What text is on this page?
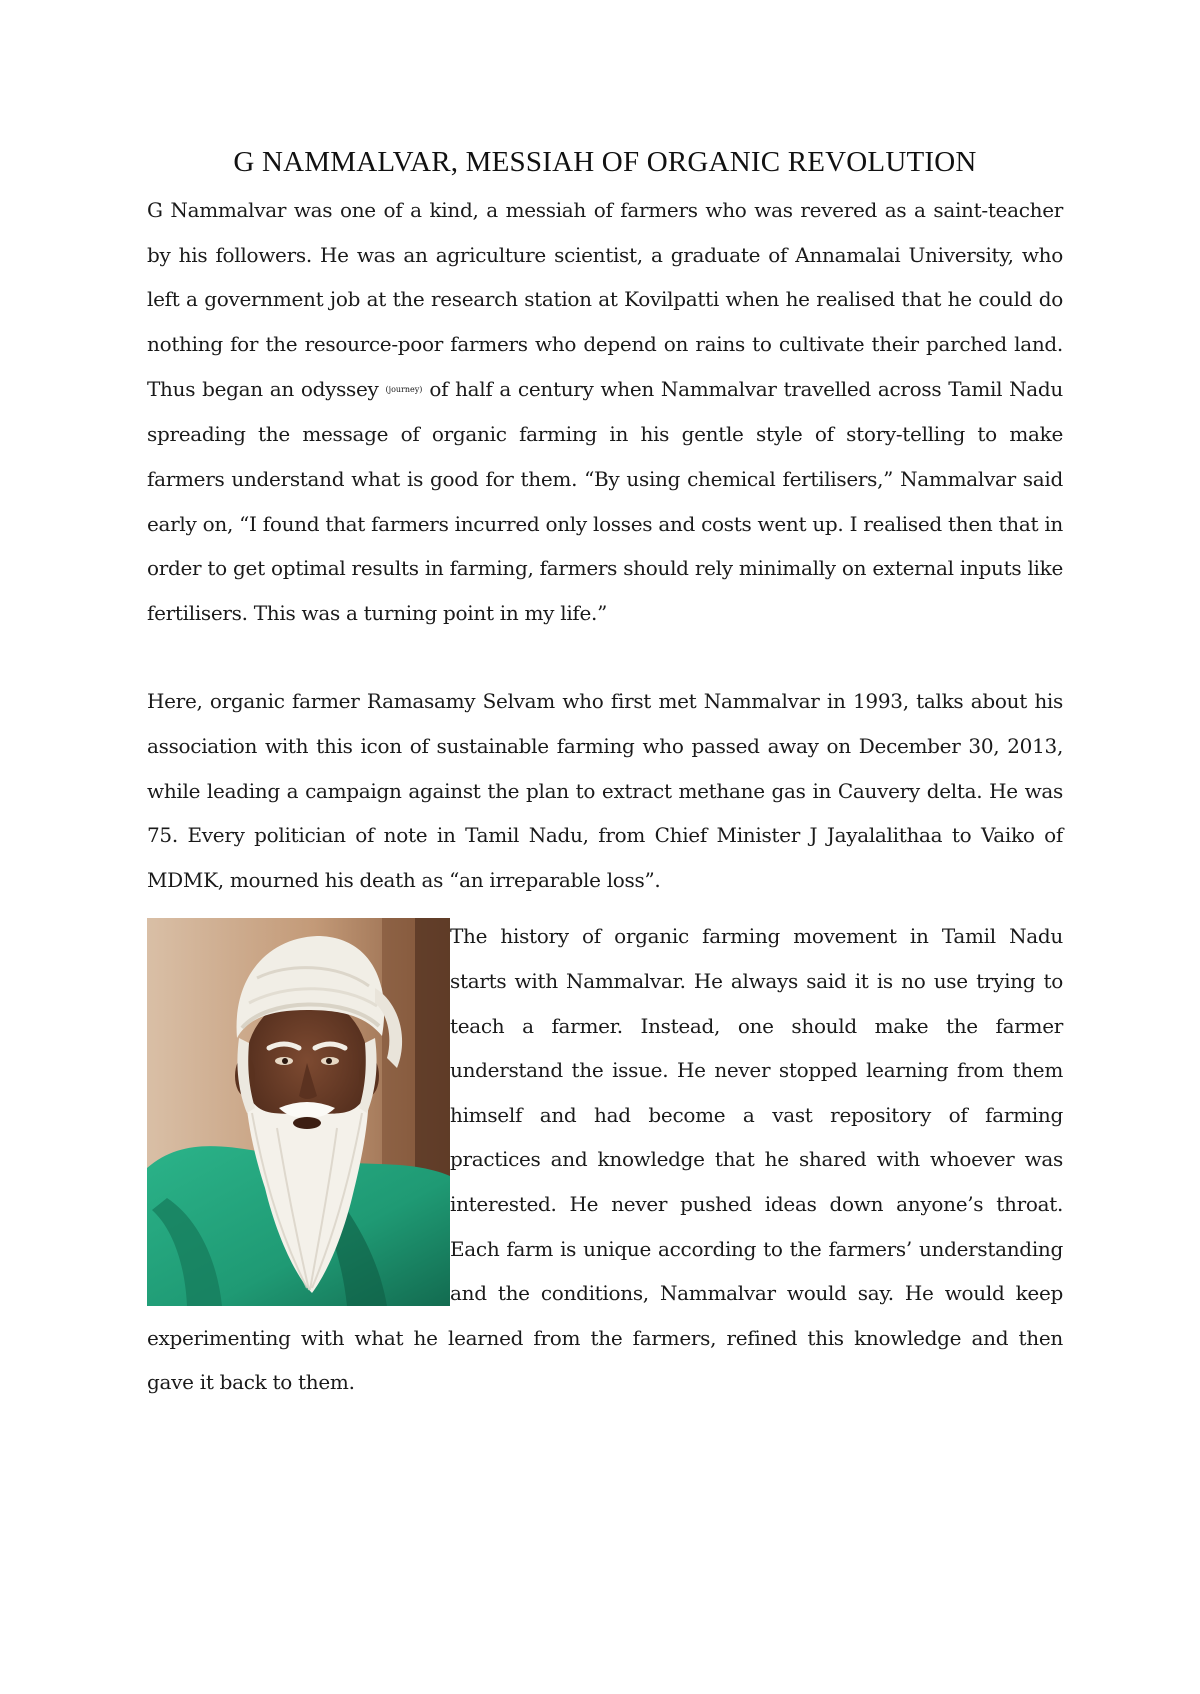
G NAMMALVAR, MESSIAH OF ORGANIC REVOLUTION

G Nammalvar was one of a kind, a messiah of farmers who was revered as a saint-teacher by his followers. He was an agriculture scientist, a graduate of Annamalai University, who left a government job at the research station at Kovilpatti when he realised that he could do nothing for the resource-poor farmers who depend on rains to cultivate their parched land. Thus began an odyssey (journey) of half a century when Nammalvar travelled across Tamil Nadu spreading the message of organic farming in his gentle style of story-telling to make farmers understand what is good for them. “By using chemical fertilisers,” Nammalvar said early on, “I found that farmers incurred only losses and costs went up. I realised then that in order to get optimal results in farming, farmers should rely minimally on external inputs like fertilisers. This was a turning point in my life.”

Here, organic farmer Ramasamy Selvam who first met Nammalvar in 1993, talks about his association with this icon of sustainable farming who passed away on December 30, 2013, while leading a campaign against the plan to extract methane gas in Cauvery delta. He was 75. Every politician of note in Tamil Nadu, from Chief Minister J Jayalalithaa to Vaiko of MDMK, mourned his death as “an irreparable loss”.

The history of organic farming movement in Tamil Nadu starts with Nammalvar. He always said it is no use trying to teach a farmer. Instead, one should make the farmer understand the issue. He never stopped learning from them himself and had become a vast repository of farming practices and knowledge that he shared with whoever was interested. He never pushed ideas down anyone’s throat. Each farm is unique according to the farmers’ understanding and the conditions, Nammalvar would say. He would keep experimenting with what he learned from the farmers, refined this knowledge and then gave it back to them.
